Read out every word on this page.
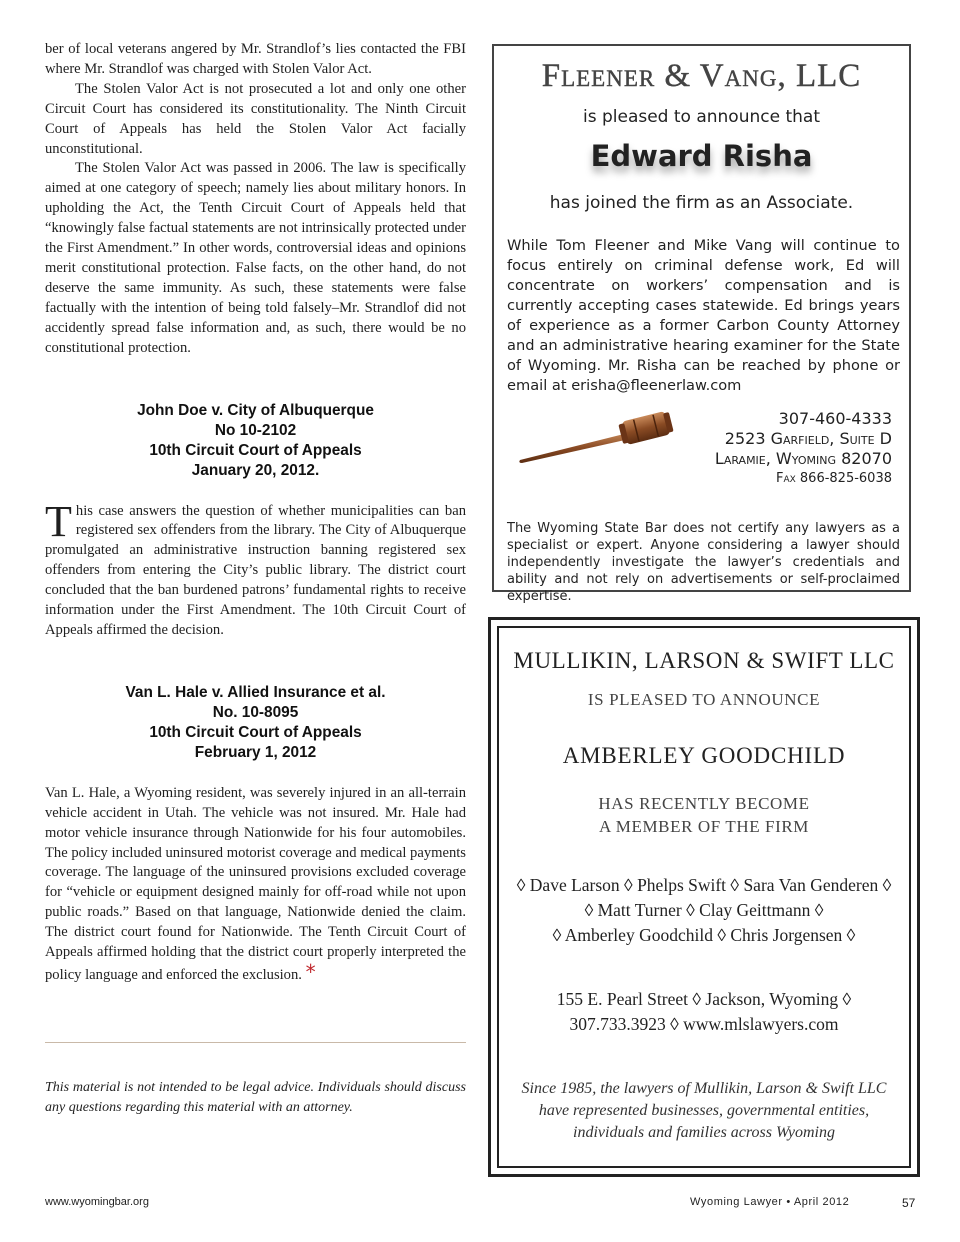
ber of local veterans angered by Mr. Strandlof’s lies contacted the FBI where Mr. Strandlof was charged with Stolen Valor Act.

The Stolen Valor Act is not prosecuted a lot and only one other Circuit Court has considered its constitutionality. The Ninth Circuit Court of Appeals has held the Stolen Valor Act facially unconstitutional.

The Stolen Valor Act was passed in 2006. The law is specifically aimed at one category of speech; namely lies about military honors. In upholding the Act, the Tenth Circuit Court of Appeals held that “knowingly false factual statements are not intrinsically protected under the First Amendment.” In other words, controversial ideas and opinions merit constitutional protection. False facts, on the other hand, do not deserve the same immunity. As such, these statements were false factually with the intention of being told falsely–Mr. Strandlof did not accidently spread false information and, as such, there would be no constitutional protection.

John Doe v. City of Albuquerque
No 10-2102
10th Circuit Court of Appeals
January 20, 2012.

This case answers the question of whether municipalities can ban registered sex offenders from the library. The City of Albuquerque promulgated an administrative instruction banning registered sex offenders from entering the City’s public library. The district court concluded that the ban burdened patrons’ fundamental rights to receive information under the First Amendment. The 10th Circuit Court of Appeals affirmed the decision.

Van L. Hale v. Allied Insurance et al.
No. 10-8095
10th Circuit Court of Appeals
February 1, 2012

Van L. Hale, a Wyoming resident, was severely injured in an all-terrain vehicle accident in Utah. The vehicle was not insured. Mr. Hale had motor vehicle insurance through Nationwide for his four automobiles. The policy included uninsured motorist coverage and medical payments coverage. The language of the uninsured provisions excluded coverage for “vehicle or equipment designed mainly for off-road while not upon public roads.” Based on that language, Nationwide denied the claim. The district court found for Nationwide. The Tenth Circuit Court of Appeals affirmed holding that the district court properly interpreted the policy language and enforced the exclusion. *

This material is not intended to be legal advice. Individuals should discuss any questions regarding this material with an attorney.
www.wyomingbar.org	Wyoming Lawyer • April 2012	57
Fleener & Vang, LLC
is pleased to announce that
Edward Risha
has joined the firm as an Associate.

While Tom Fleener and Mike Vang will continue to focus entirely on criminal defense work, Ed will concentrate on workers’ compensation and is currently accepting cases statewide. Ed brings years of experience as a former Carbon County Attorney and an administrative hearing examiner for the State of Wyoming. Mr. Risha can be reached by phone or email at erisha@fleenerlaw.com

307-460-4333
2523 Garfield, Suite D
Laramie, Wyoming 82070
Fax 866-825-6038

The Wyoming State Bar does not certify any lawyers as a specialist or expert. Anyone considering a lawyer should independently investigate the lawyer’s credentials and ability and not rely on advertisements or self-proclaimed expertise.

MULLIKIN, LARSON & SWIFT LLC
IS PLEASED TO ANNOUNCE
AMBERLEY GOODCHILD
HAS RECENTLY BECOME
A MEMBER OF THE FIRM
◊ Dave Larson ◊ Phelps Swift ◊ Sara Van Genderen ◊
◊ Matt Turner ◊ Clay Geittmann ◊
◊ Amberley Goodchild ◊ Chris Jorgensen ◊
155 E. Pearl Street ◊ Jackson, Wyoming ◊
307.733.3923 ◊ www.mlslawyers.com
Since 1985, the lawyers of Mullikin, Larson & Swift LLC
have represented businesses, governmental entities,
individuals and families across Wyoming
